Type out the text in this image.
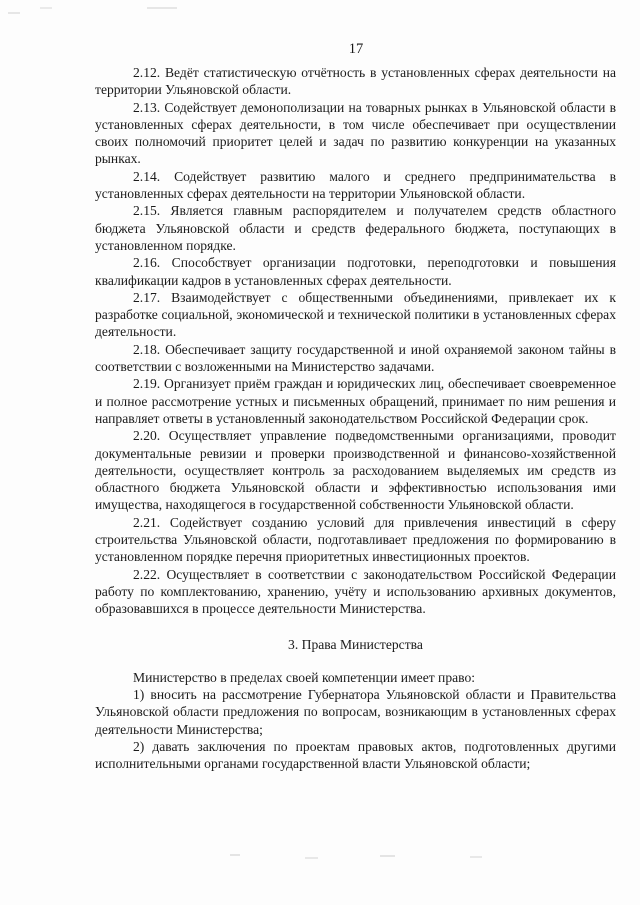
17

2.12. Ведёт статистическую отчётность в установленных сферах деятельности на территории Ульяновской области.

2.13. Содействует демонополизации на товарных рынках в Ульяновской области в установленных сферах деятельности, в том числе обеспечивает при осуществлении своих полномочий приоритет целей и задач по развитию конкуренции на указанных рынках.

2.14. Содействует развитию малого и среднего предпринимательства в установленных сферах деятельности на территории Ульяновской области.

2.15. Является главным распорядителем и получателем средств областного бюджета Ульяновской области и средств федерального бюджета, поступающих в установленном порядке.

2.16. Способствует организации подготовки, переподготовки и повышения квалификации кадров в установленных сферах деятельности.

2.17. Взаимодействует с общественными объединениями, привлекает их к разработке социальной, экономической и технической политики в установленных сферах деятельности.

2.18. Обеспечивает защиту государственной и иной охраняемой законом тайны в соответствии с возложенными на Министерство задачами.

2.19. Организует приём граждан и юридических лиц, обеспечивает своевременное и полное рассмотрение устных и письменных обращений, принимает по ним решения и направляет ответы в установленный законодательством Российской Федерации срок.

2.20. Осуществляет управление подведомственными организациями, проводит документальные ревизии и проверки производственной и финансово-хозяйственной деятельности, осуществляет контроль за расходованием выделяемых им средств из областного бюджета Ульяновской области и эффективностью использования ими имущества, находящегося в государственной собственности Ульяновской области.

2.21. Содействует созданию условий для привлечения инвестиций в сферу строительства Ульяновской области, подготавливает предложения по формированию в установленном порядке перечня приоритетных инвестиционных проектов.

2.22. Осуществляет в соответствии с законодательством Российской Федерации работу по комплектованию, хранению, учёту и использованию архивных документов, образовавшихся в процессе деятельности Министерства.

3. Права Министерства

Министерство в пределах своей компетенции имеет право:

1) вносить на рассмотрение Губернатора Ульяновской области и Правительства Ульяновской области предложения по вопросам, возникающим в установленных сферах деятельности Министерства;

2) давать заключения по проектам правовых актов, подготовленных другими исполнительными органами государственной власти Ульяновской области;
